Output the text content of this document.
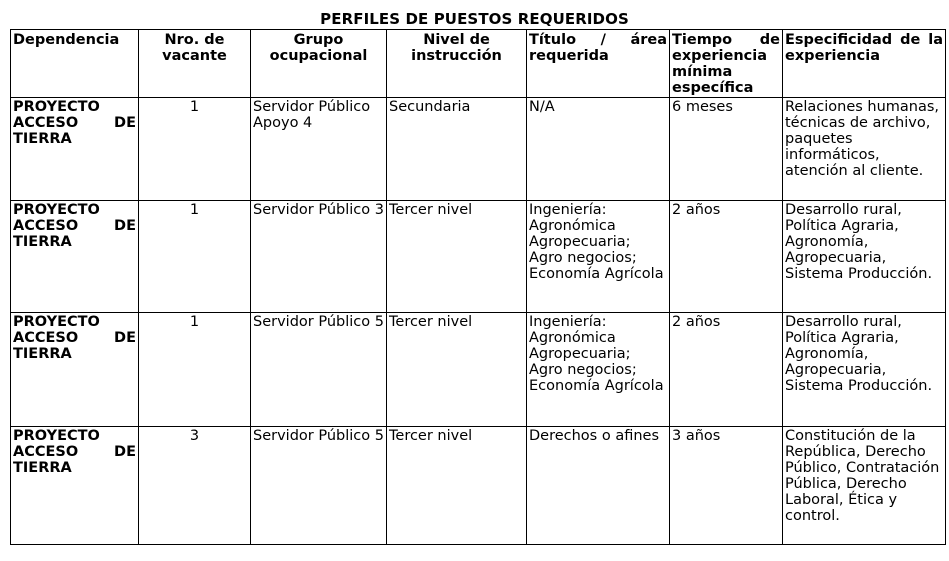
PERFILES DE PUESTOS REQUERIDOS
Dependencia	Nro. de vacante	Grupo ocupacional	Nivel de instrucción	Título / área requerida	Tiempo de experiencia mínima específica	Especificidad de la experiencia
PROYECTO ACCESO DE TIERRA	1	Servidor Público Apoyo 4	Secundaria	N/A	6 meses	Relaciones humanas, técnicas de archivo, paquetes informáticos, atención al cliente.
PROYECTO ACCESO DE TIERRA	1	Servidor Público 3	Tercer nivel	Ingeniería: Agronómica Agropecuaria; Agro negocios; Economía Agrícola	2 años	Desarrollo rural, Política Agraria, Agronomía, Agropecuaria, Sistema Producción.
PROYECTO ACCESO DE TIERRA	1	Servidor Público 5	Tercer nivel	Ingeniería: Agronómica Agropecuaria; Agro negocios; Economía Agrícola	2 años	Desarrollo rural, Política Agraria, Agronomía, Agropecuaria, Sistema Producción.
PROYECTO ACCESO DE TIERRA	3	Servidor Público 5	Tercer nivel	Derechos o afines	3 años	Constitución de la República, Derecho Público, Contratación Pública, Derecho Laboral, Ética y control.
